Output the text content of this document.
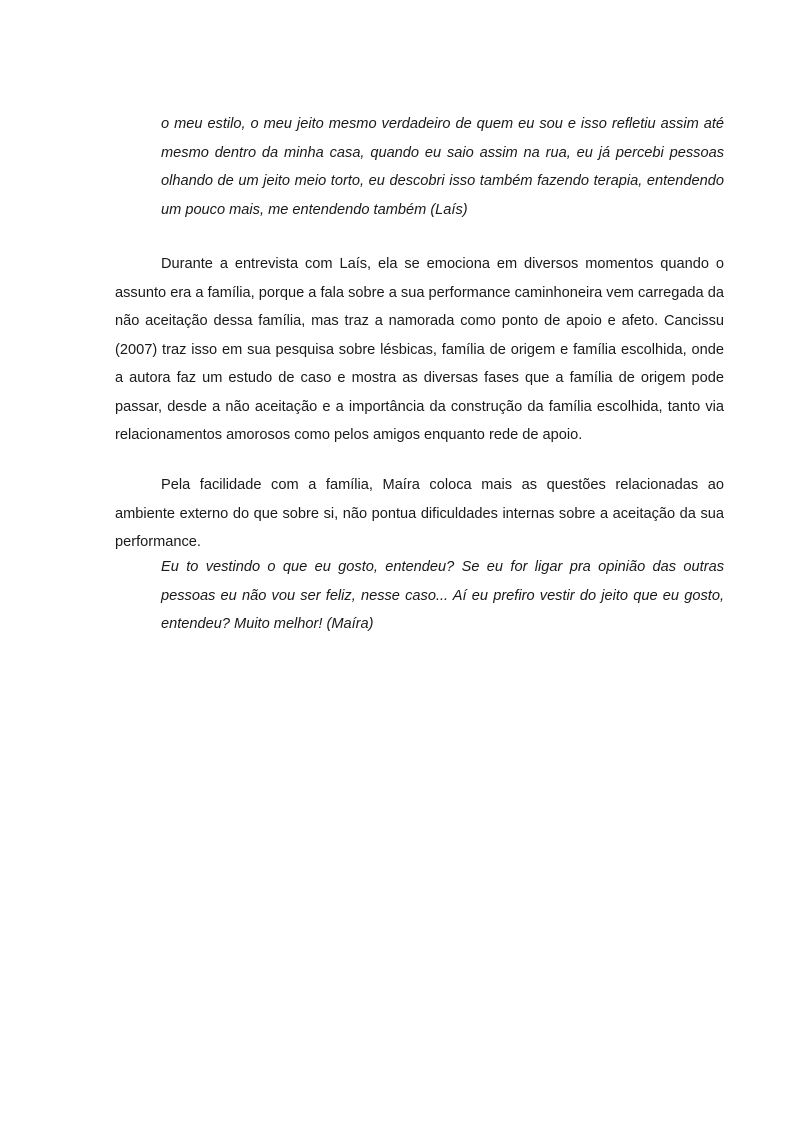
o meu estilo, o meu jeito mesmo verdadeiro de quem eu sou e isso refletiu assim até mesmo dentro da minha casa, quando eu saio assim na rua, eu já percebi pessoas olhando de um jeito meio torto, eu descobri isso também fazendo terapia, entendendo um pouco mais, me entendendo também (Laís)

Durante a entrevista com Laís, ela se emociona em diversos momentos quando o assunto era a família, porque a fala sobre a sua performance caminhoneira vem carregada da não aceitação dessa família, mas traz a namorada como ponto de apoio e afeto. Cancissu (2007) traz isso em sua pesquisa sobre lésbicas, família de origem e família escolhida, onde a autora faz um estudo de caso e mostra as diversas fases que a família de origem pode passar, desde a não aceitação e a importância da construção da família escolhida, tanto via relacionamentos amorosos como pelos amigos enquanto rede de apoio.

Pela facilidade com a família, Maíra coloca mais as questões relacionadas ao ambiente externo do que sobre si, não pontua dificuldades internas sobre a aceitação da sua performance.

Eu to vestindo o que eu gosto, entendeu? Se eu for ligar pra opinião das outras pessoas eu não vou ser feliz, nesse caso... Aí eu prefiro vestir do jeito que eu gosto, entendeu? Muito melhor! (Maíra)
